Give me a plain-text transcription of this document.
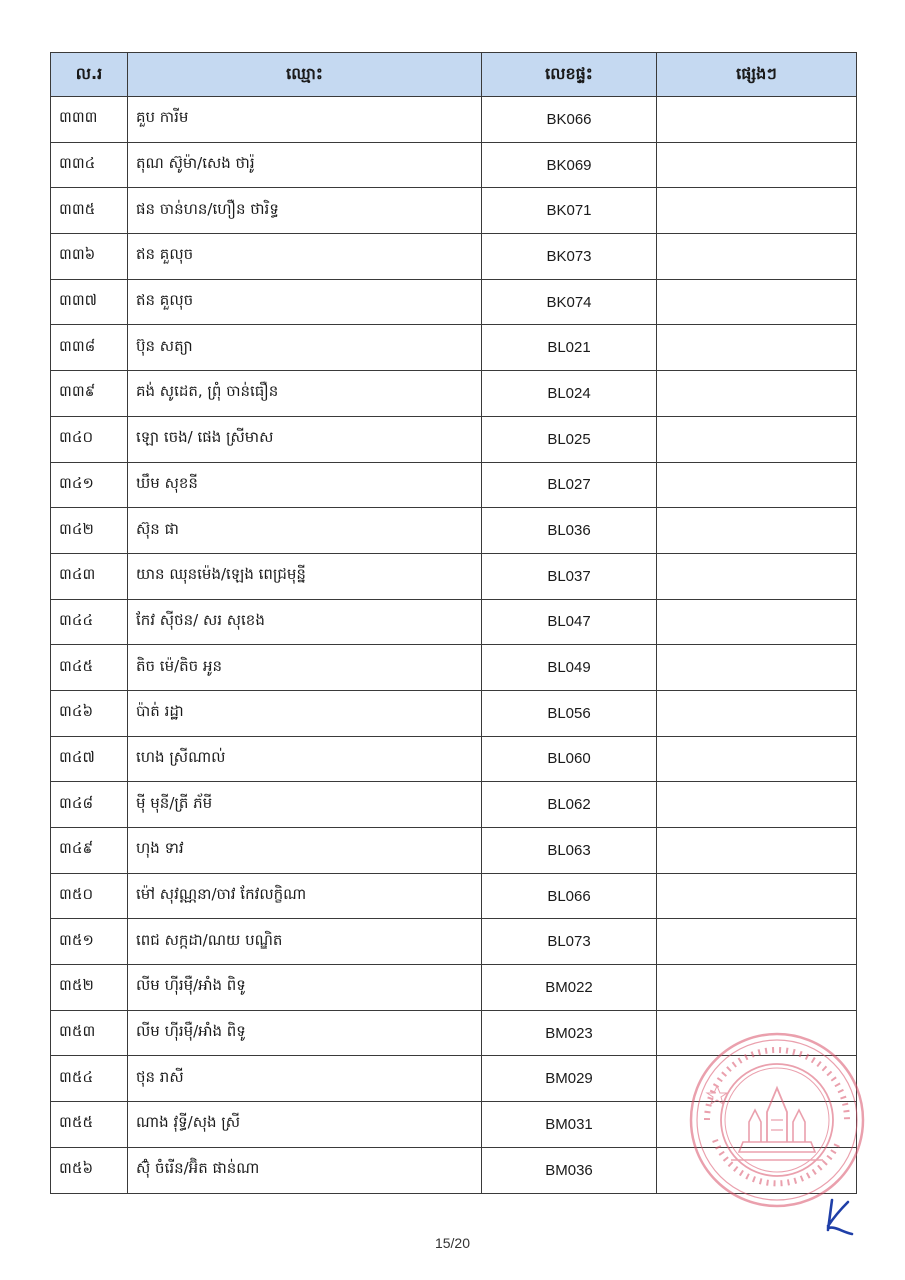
ល.រ	ឈ្មោះ	លេខផ្ទះ	ផ្សេងៗ
៣៣៣	គួប ការីម	BK066	
៣៣៤	តុណ ស៊ូម៉ា/សេង ថារ៉ូ	BK069	
៣៣៥	ផន ចាន់ហន/ហឿន ថារិទ្ធ	BK071	
៣៣៦	ឥន គួលុច	BK073	
៣៣៧	ឥន គួលុច	BK074	
៣៣៨	ប៊ុន សត្យា	BL021	
៣៣៩	គង់ សូដេត, ព្រុំ ចាន់ធឿន	BL024	
៣៤០	ឡោ ចេង/ ផេង ស្រីមាស	BL025	
៣៤១	ឃឹម សុខនី	BL027	
៣៤២	ស៊ុន ផា	BL036	
៣៤៣	យាន ឈុនម៉េង/ឡេង ពេជ្រមុន្នី	BL037	
៣៤៤	កែវ ស៊ីថន/ សរ សុខេង	BL047	
៣៤៥	តិច ម៉េ/តិច អូន	BL049	
៣៤៦	ប៉ាត់ រដ្ឋា	BL056	
៣៤៧	ហេង ស្រីណាល់	BL060	
៣៤៨	ម៉ី មុនី/ត្រី ភ័មី	BL062	
៣៤៩	ហុង ទាវ	BL063	
៣៥០	ម៉ៅ សុវណ្ណនា/ចាវ កែវលក្ខិណា	BL066	
៣៥១	ពេជ សក្កដា/ណយ បណ្ឌិត	BL073	
៣៥២	លីម ហ៊ីរម៉ឺ/អាំង ពិទូ	BM022	
៣៥៣	លីម ហ៊ីរម៉ឺ/អាំង ពិទូ	BM023	
៣៥៤	ថុន រាសី	BM029	
៣៥៥	ណាង វុទ្ធី/សុង ស្រី	BM031	
៣៥៦	ស៊ុំ ចំរើន/អ៊ិត ផាន់ណា	BM036	
15/20
